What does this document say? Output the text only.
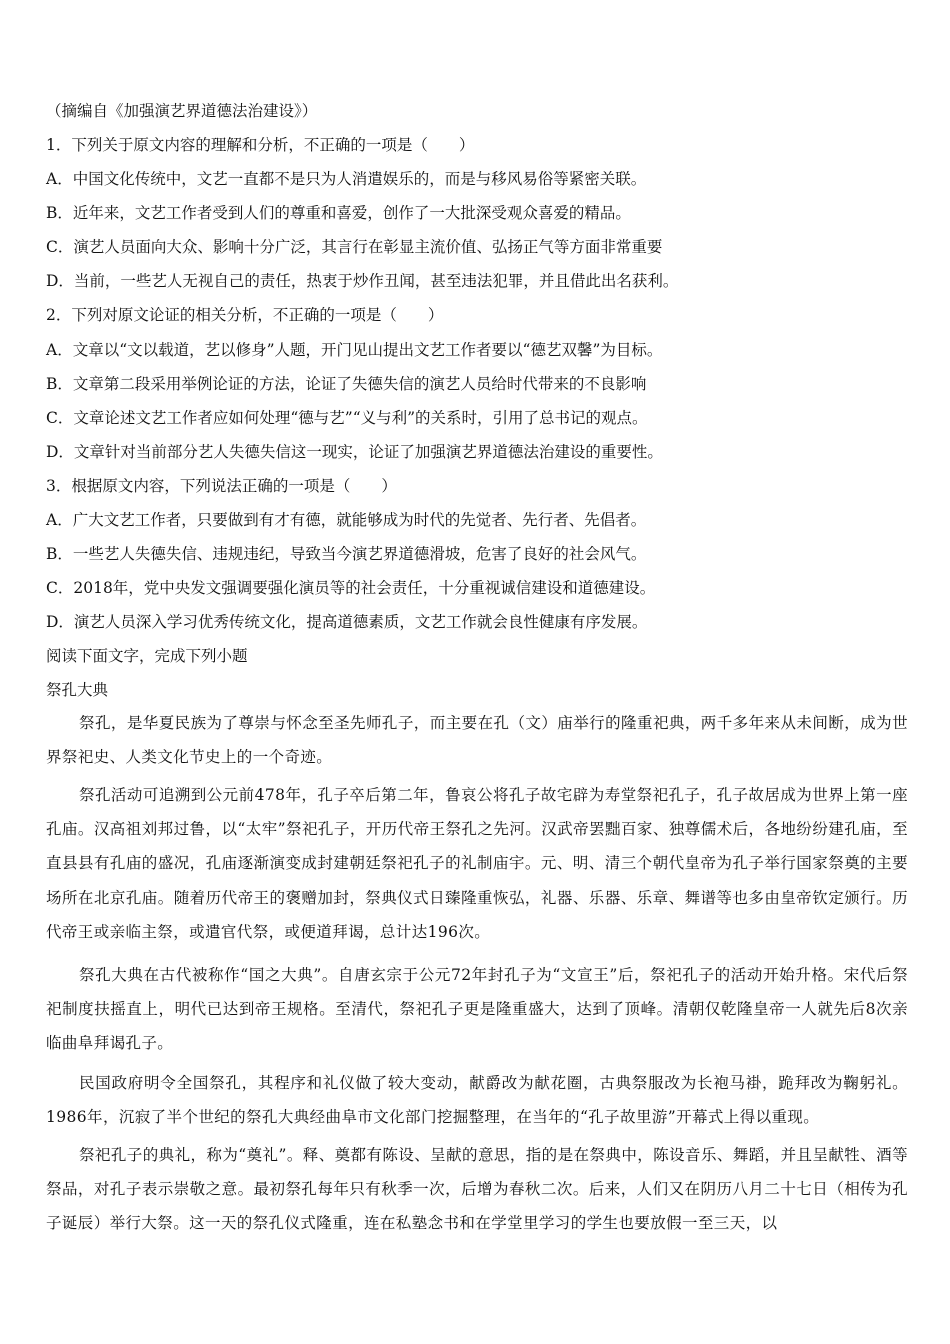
（摘编自《加强演艺界道德法治建设》）
1．下列关于原文内容的理解和分析，不正确的一项是（　　）
A．中国文化传统中，文艺一直都不是只为人消遣娱乐的，而是与移风易俗等紧密关联。
B．近年来，文艺工作者受到人们的尊重和喜爱，创作了一大批深受观众喜爱的精品。
C．演艺人员面向大众、影响十分广泛，其言行在彰显主流价值、弘扬正气等方面非常重要
D．当前，一些艺人无视自己的责任，热衷于炒作丑闻，甚至违法犯罪，并且借此出名获利。
2．下列对原文论证的相关分析，不正确的一项是（　　）
A．文章以“文以载道，艺以修身”人题，开门见山提出文艺工作者要以“德艺双馨”为目标。
B．文章第二段采用举例论证的方法，论证了失德失信的演艺人员给时代带来的不良影响
C．文章论述文艺工作者应如何处理“德与艺”“义与利”的关系时，引用了总书记的观点。
D．文章针对当前部分艺人失德失信这一现实，论证了加强演艺界道德法治建设的重要性。
3．根据原文内容，下列说法正确的一项是（　　）
A．广大文艺工作者，只要做到有才有德，就能够成为时代的先觉者、先行者、先倡者。
B．一些艺人失德失信、违规违纪，导致当今演艺界道德滑坡，危害了良好的社会风气。
C．2018年，党中央发文强调要强化演员等的社会责任，十分重视诚信建设和道德建设。
D．演艺人员深入学习优秀传统文化，提高道德素质，文艺工作就会良性健康有序发展。
阅读下面文字，完成下列小题
祭孔大典
祭孔，是华夏民族为了尊崇与怀念至圣先师孔子，而主要在孔（文）庙举行的隆重祀典，两千多年来从未间断，成为世界祭祀史、人类文化节史上的一个奇迹。
祭孔活动可追溯到公元前478年，孔子卒后第二年，鲁哀公将孔子故宅辟为寿堂祭祀孔子，孔子故居成为世界上第一座孔庙。汉高祖刘邦过鲁，以“太牢”祭祀孔子，开历代帝王祭孔之先河。汉武帝罢黜百家、独尊儒术后，各地纷纷建孔庙，至直县县有孔庙的盛况，孔庙逐渐演变成封建朝廷祭祀孔子的礼制庙宇。元、明、清三个朝代皇帝为孔子举行国家祭奠的主要场所在北京孔庙。随着历代帝王的褒赠加封，祭典仪式日臻隆重恢弘，礼器、乐器、乐章、舞谱等也多由皇帝钦定颁行。历代帝王或亲临主祭，或遣官代祭，或便道拜谒，总计达196次。
祭孔大典在古代被称作“国之大典”。自唐玄宗于公元72年封孔子为“文宣王”后，祭祀孔子的活动开始升格。宋代后祭祀制度扶摇直上，明代已达到帝王规格。至清代，祭祀孔子更是隆重盛大，达到了顶峰。清朝仅乾隆皇帝一人就先后8次亲临曲阜拜谒孔子。
民国政府明令全国祭孔，其程序和礼仪做了较大变动，献爵改为献花圈，古典祭服改为长袍马褂，跪拜改为鞠躬礼。1986年，沉寂了半个世纪的祭孔大典经曲阜市文化部门挖掘整理，在当年的“孔子故里游”开幕式上得以重现。
祭祀孔子的典礼，称为“奠礼”。释、奠都有陈设、呈献的意思，指的是在祭典中，陈设音乐、舞蹈，并且呈献牲、酒等祭品，对孔子表示崇敬之意。最初祭孔每年只有秋季一次，后增为春秋二次。后来，人们又在阴历八月二十七日（相传为孔子诞辰）举行大祭。这一天的祭孔仪式隆重，连在私塾念书和在学堂里学习的学生也要放假一至三天，以
